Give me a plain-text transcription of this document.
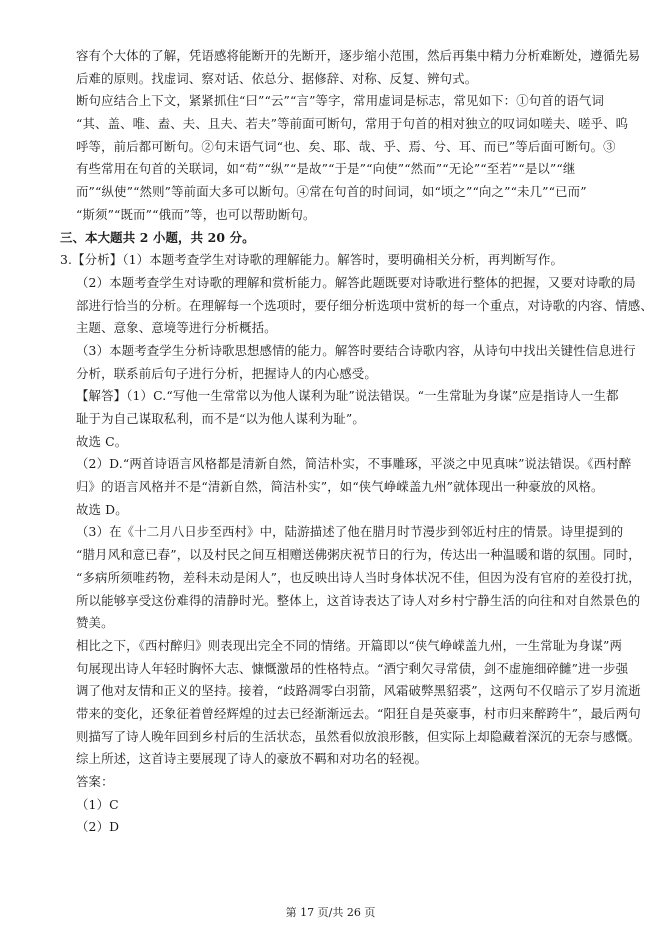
容有个大体的了解，凭语感将能断开的先断开，逐步缩小范围，然后再集中精力分析难断处，遵循先易
后难的原则。找虚词、察对话、依总分、据修辞、对称、反复、辨句式。
断句应结合上下文，紧紧抓住“曰”“云”“言”等字，常用虚词是标志，常见如下：①句首的语气词
“其、盖、唯、盍、夫、且夫、若夫”等前面可断句，常用于句首的相对独立的叹词如嗟夫、嗟乎、呜
呼等，前后都可断句。②句末语气词“也、矣、耶、哉、乎、焉、兮、耳、而已”等后面可断句。③
有些常用在句首的关联词，如“苟”“纵”“是故”“于是”“向使”“然而”“无论”“至若”“是以”“继
而”“纵使”“然则”等前面大多可以断句。④常在句首的时间词，如“顷之”“向之”“未几”“已而”
“斯须”“既而”“俄而”等，也可以帮助断句。
三、本大题共 2 小题，共 20 分。
3.【分析】（1）本题考查学生对诗歌的理解能力。解答时，要明确相关分析，再判断写作。
（2）本题考查学生对诗歌的理解和赏析能力。解答此题既要对诗歌进行整体的把握，又要对诗歌的局
部进行恰当的分析。在理解每一个选项时，要仔细分析选项中赏析的每一个重点，对诗歌的内容、情感、
主题、意象、意境等进行分析概括。
（3）本题考查学生分析诗歌思想感情的能力。解答时要结合诗歌内容，从诗句中找出关键性信息进行
分析，联系前后句子进行分析，把握诗人的内心感受。
【解答】（1）C.“写他一生常常以为他人谋利为耻”说法错误。“一生常耻为身谋”应是指诗人一生都
耻于为自己谋取私利，而不是“以为他人谋利为耻”。
故选 C。
（2）D.“两首诗语言风格都是清新自然，简洁朴实，不事雕琢，平淡之中见真味”说法错误。《西村醉
归》的语言风格并不是“清新自然，简洁朴实”，如“侠气峥嵘盖九州”就体现出一种豪放的风格。
故选 D。
（3）在《十二月八日步至西村》中，陆游描述了他在腊月时节漫步到邻近村庄的情景。诗里提到的
“腊月风和意已春”，以及村民之间互相赠送佛粥庆祝节日的行为，传达出一种温暖和谐的氛围。同时，
“多病所须唯药物，差科未动是闲人”，也反映出诗人当时身体状况不佳，但因为没有官府的差役打扰，
所以能够享受这份难得的清静时光。整体上，这首诗表达了诗人对乡村宁静生活的向往和对自然景色的
赞美。
相比之下，《西村醉归》则表现出完全不同的情绪。开篇即以“侠气峥嵘盖九州，一生常耻为身谋”两
句展现出诗人年轻时胸怀大志、慷慨激昂的性格特点。“酒宁剩欠寻常债，剑不虚施细碎雠”进一步强
调了他对友情和正义的坚持。接着，“歧路凋零白羽箭，风霜破弊黑貂裘”，这两句不仅暗示了岁月流逝
带来的变化，还象征着曾经辉煌的过去已经渐渐远去。“阳狂自是英豪事，村市归来醉跨牛”，最后两句
则描写了诗人晚年回到乡村后的生活状态，虽然看似放浪形骸，但实际上却隐藏着深沉的无奈与感慨。
综上所述，这首诗主要展现了诗人的豪放不羁和对功名的轻视。
答案：
（1）C
（2）D
第 17 页/共 26 页
